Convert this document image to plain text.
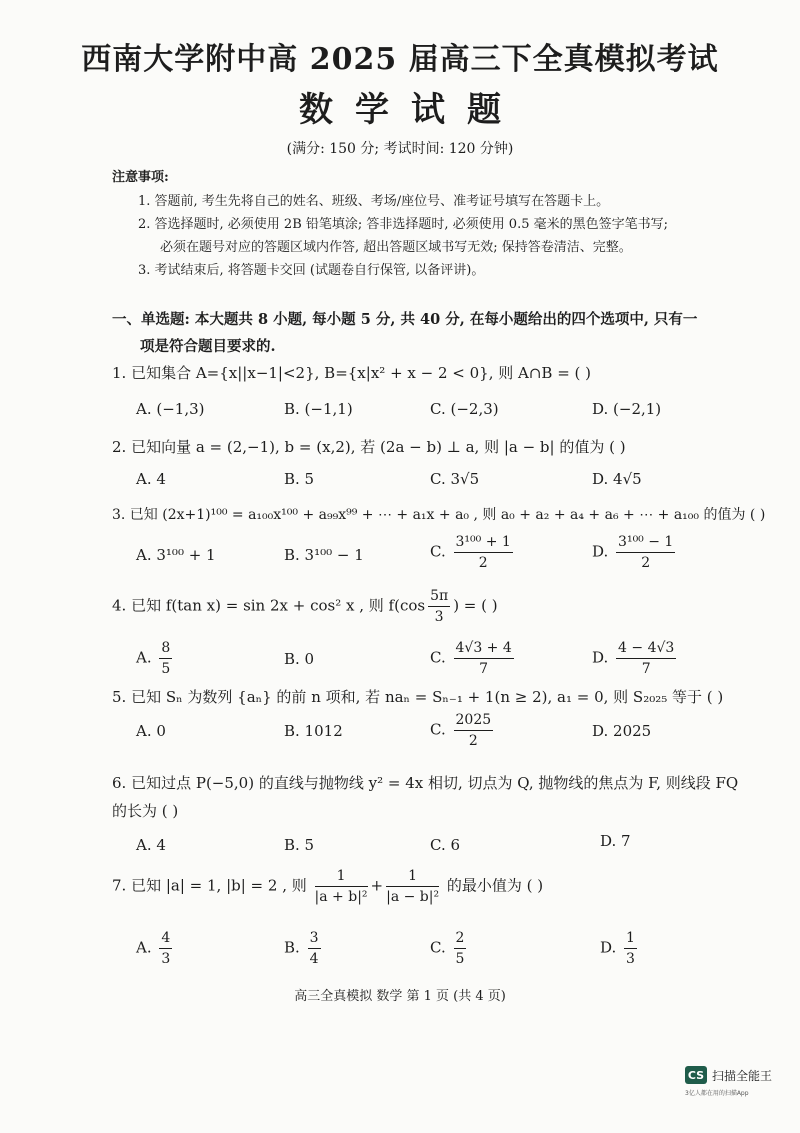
西南大学附中高 2025 届高三下全真模拟考试
数学试题
(满分: 150 分; 考试时间: 120 分钟)
注意事项:
1. 答题前, 考生先将自己的姓名、班级、考场/座位号、准考证号填写在答题卡上。
2. 答选择题时, 必须使用 2B 铅笔填涂; 答非选择题时, 必须使用 0.5 毫米的黑色签字笔书写;
必须在题号对应的答题区域内作答, 超出答题区域书写无效; 保持答卷清洁、完整。
3. 考试结束后, 将答题卡交回 (试题卷自行保管, 以备评讲)。
一、单选题: 本大题共 8 小题, 每小题 5 分, 共 40 分, 在每小题给出的四个选项中, 只有一
项是符合题目要求的.
1. 已知集合 A={x||x−1|<2}, B={x|x² + x − 2 < 0}, 则 A∩B = ( )
A. (−1,3)	B. (−1,1)	C. (−2,3)	D. (−2,1)
2. 已知向量 a = (2,−1), b = (x,2), 若 (2a − b) ⊥ a, 则 |a − b| 的值为 ( )
A. 4	B. 5	C. 3√5	D. 4√5
3. 已知 (2x+1)¹⁰⁰ = a₁₀₀x¹⁰⁰ + a₉₉x⁹⁹ + ⋯ + a₁x + a₀ , 则 a₀ + a₂ + a₄ + a₆ + ⋯ + a₁₀₀ 的值为 ( )
A. 3¹⁰⁰ + 1	B. 3¹⁰⁰ − 1	C. $\frac{\text{3¹⁰⁰ + 1}}{2}$	D. $\frac{\text{3¹⁰⁰ − 1}}{2}$
4. 已知 f(tan x) = sin 2x + cos² x , 则 $f(\cos \frac{5\pi}{3}$ ) = ( )
A. $\frac{8}{5}$	B. 0	C. $\frac{4√3 + 4}{7}$	D. $\frac{4 - 4√3}{7}$
5. 已知 Sₙ 为数列 {aₙ} 的前 n 项和, 若 naₙ = Sₙ₋₁ + 1(n ≥ 2), a₁ = 0, 则 S₂₀₂₅ 等于 ( )
A. 0	B. 1012	C. $\frac{2025}{2}$	D. 2025
6. 已知过点 P(−5,0) 的直线与抛物线 y² = 4x 相切, 切点为 Q, 抛物线的焦点为 F, 则线段 FQ
的长为 ( )
A. 4	B. 5	C. 6	D. 7
7. 已知 |a| = 1, |b| = 2 , 则 $\frac{1}{\text{|a + b|²}} + \frac{1}{\text{|a − b|²}}$ 的最小值为 ( )
A. $\frac{4}{3}$	B. $\frac{3}{4}$	C. $\frac{2}{5}$	D. $\frac{1}{3}$
高三全真模拟 数学 第 1 页 (共 4 页)
CS 扫描全能王
3亿人都在用的扫描App
